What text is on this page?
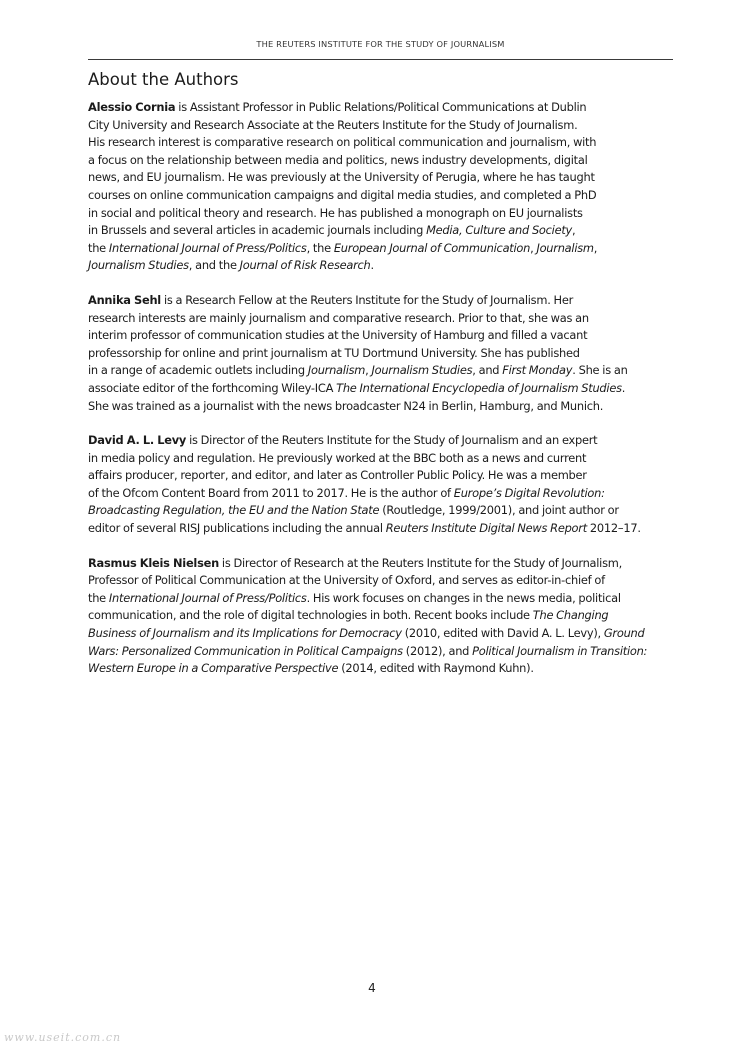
THE REUTERS INSTITUTE FOR THE STUDY OF JOURNALISM
About the Authors

Alessio Cornia is Assistant Professor in Public Relations/Political Communications at Dublin
City University and Research Associate at the Reuters Institute for the Study of Journalism.
His research interest is comparative research on political communication and journalism, with
a focus on the relationship between media and politics, news industry developments, digital
news, and EU journalism. He was previously at the University of Perugia, where he has taught
courses on online communication campaigns and digital media studies, and completed a PhD
in social and political theory and research. He has published a monograph on EU journalists
in Brussels and several articles in academic journals including Media, Culture and Society,
the International Journal of Press/Politics, the European Journal of Communication, Journalism,
Journalism Studies, and the Journal of Risk Research.

Annika Sehl is a Research Fellow at the Reuters Institute for the Study of Journalism. Her
research interests are mainly journalism and comparative research. Prior to that, she was an
interim professor of communication studies at the University of Hamburg and filled a vacant
professorship for online and print journalism at TU Dortmund University. She has published
in a range of academic outlets including Journalism, Journalism Studies, and First Monday. She is an
associate editor of the forthcoming Wiley-ICA The International Encyclopedia of Journalism Studies.
She was trained as a journalist with the news broadcaster N24 in Berlin, Hamburg, and Munich.

David A. L. Levy is Director of the Reuters Institute for the Study of Journalism and an expert
in media policy and regulation. He previously worked at the BBC both as a news and current
affairs producer, reporter, and editor, and later as Controller Public Policy. He was a member
of the Ofcom Content Board from 2011 to 2017. He is the author of Europe’s Digital Revolution:
Broadcasting Regulation, the EU and the Nation State (Routledge, 1999/2001), and joint author or
editor of several RISJ publications including the annual Reuters Institute Digital News Report 2012–17.

Rasmus Kleis Nielsen is Director of Research at the Reuters Institute for the Study of Journalism,
Professor of Political Communication at the University of Oxford, and serves as editor-in-chief of
the International Journal of Press/Politics. His work focuses on changes in the news media, political
communication, and the role of digital technologies in both. Recent books include The Changing
Business of Journalism and its Implications for Democracy (2010, edited with David A. L. Levy), Ground
Wars: Personalized Communication in Political Campaigns (2012), and Political Journalism in Transition:
Western Europe in a Comparative Perspective (2014, edited with Raymond Kuhn).

4
www.useit.com.cn
